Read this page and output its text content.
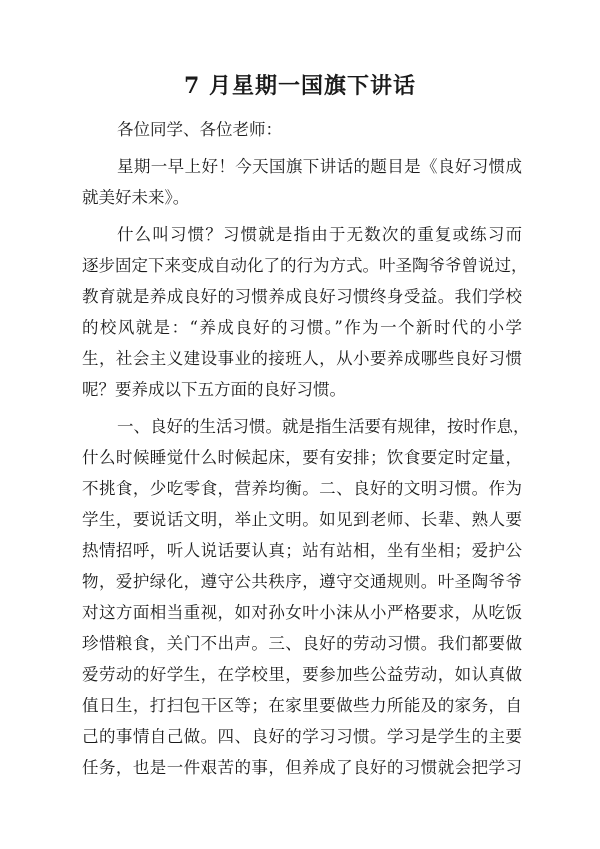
7 月星期一国旗下讲话
各位同学、各位老师：
星期一早上好！今天国旗下讲话的题目是《良好习惯成
就美好未来》。
什么叫习惯？习惯就是指由于无数次的重复或练习而
逐步固定下来变成自动化了的行为方式。叶圣陶爷爷曾说过，
教育就是养成良好的习惯养成良好习惯终身受益。我们学校
的校风就是：“养成良好的习惯。”作为一个新时代的小学
生，社会主义建设事业的接班人，从小要养成哪些良好习惯
呢？要养成以下五方面的良好习惯。
一、良好的生活习惯。就是指生活要有规律，按时作息，
什么时候睡觉什么时候起床，要有安排；饮食要定时定量，
不挑食，少吃零食，营养均衡。二、良好的文明习惯。作为
学生，要说话文明，举止文明。如见到老师、长辈、熟人要
热情招呼，听人说话要认真；站有站相，坐有坐相；爱护公
物，爱护绿化，遵守公共秩序，遵守交通规则。叶圣陶爷爷
对这方面相当重视，如对孙女叶小沫从小严格要求，从吃饭
珍惜粮食，关门不出声。三、良好的劳动习惯。我们都要做
爱劳动的好学生，在学校里，要参加些公益劳动，如认真做
值日生，打扫包干区等；在家里要做些力所能及的家务，自
己的事情自己做。四、良好的学习习惯。学习是学生的主要
任务，也是一件艰苦的事，但养成了良好的习惯就会把学习
